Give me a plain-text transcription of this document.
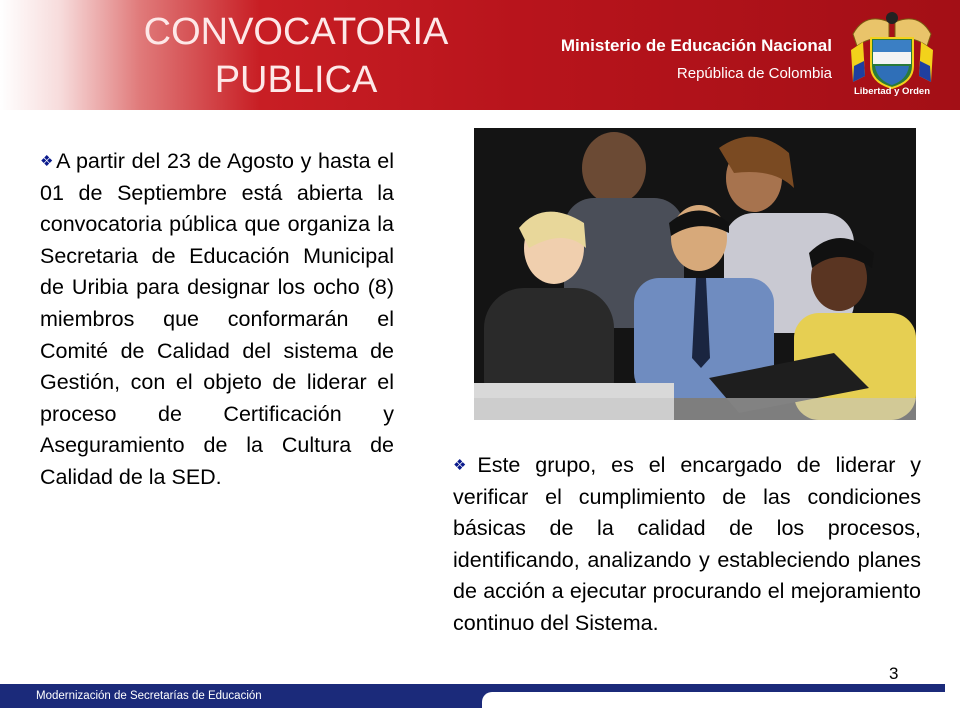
CONVOCATORIA
PUBLICA
Ministerio de Educación Nacional
República de Colombia
Libertad y Orden
❖A partir del 23 de Agosto y hasta el 01 de Septiembre está abierta la convocatoria pública que organiza la Secretaria de Educación Municipal de Uribia para designar los ocho (8) miembros que conformarán el Comité de Calidad del sistema de Gestión, con el objeto de liderar el proceso de Certificación y Aseguramiento de la Cultura de Calidad de la SED.	❖Este grupo, es el encargado de liderar y verificar el cumplimiento de las condiciones básicas de la calidad de los procesos, identificando, analizando y estableciendo planes de acción a ejecutar procurando el mejoramiento continuo del Sistema.
3
Modernización de Secretarías de Educación
